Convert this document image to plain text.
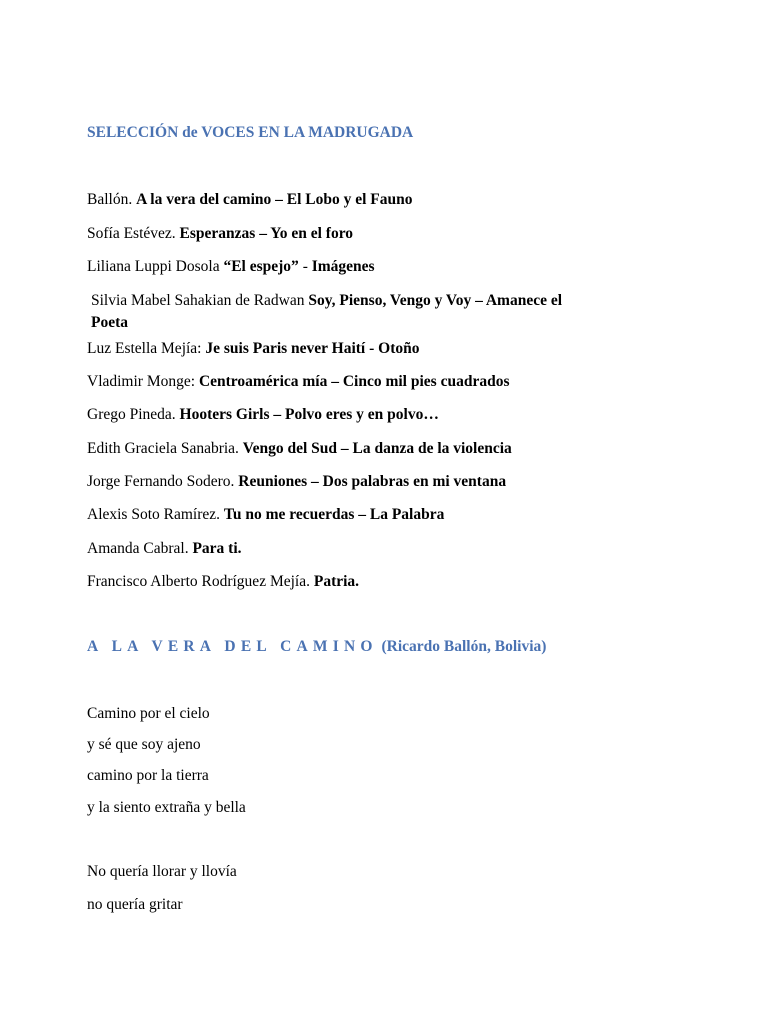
SELECCIÓN de VOCES EN LA MADRUGADA
Ballón. A la vera del camino – El Lobo y el Fauno
Sofía Estévez. Esperanzas – Yo en el foro
Liliana Luppi Dosola “El espejo” - Imágenes
Silvia Mabel Sahakian de Radwan Soy, Pienso, Vengo y Voy – Amanece el
Poeta
Luz Estella Mejía: Je suis Paris never Haití - Otoño
Vladimir Monge: Centroamérica mía – Cinco mil pies cuadrados
Grego Pineda. Hooters Girls – Polvo eres y en polvo…
Edith Graciela Sanabria. Vengo del Sud – La danza de la violencia
Jorge Fernando Sodero. Reuniones – Dos palabras en mi ventana
Alexis Soto Ramírez. Tu no me recuerdas – La Palabra
Amanda Cabral. Para ti.
Francisco Alberto Rodríguez Mejía. Patria.
A LA VERA DEL CAMINO (Ricardo Ballón, Bolivia)
Camino por el cielo
y sé que soy ajeno
camino por la tierra
y la siento extraña y bella
No quería llorar y llovía
no quería gritar
